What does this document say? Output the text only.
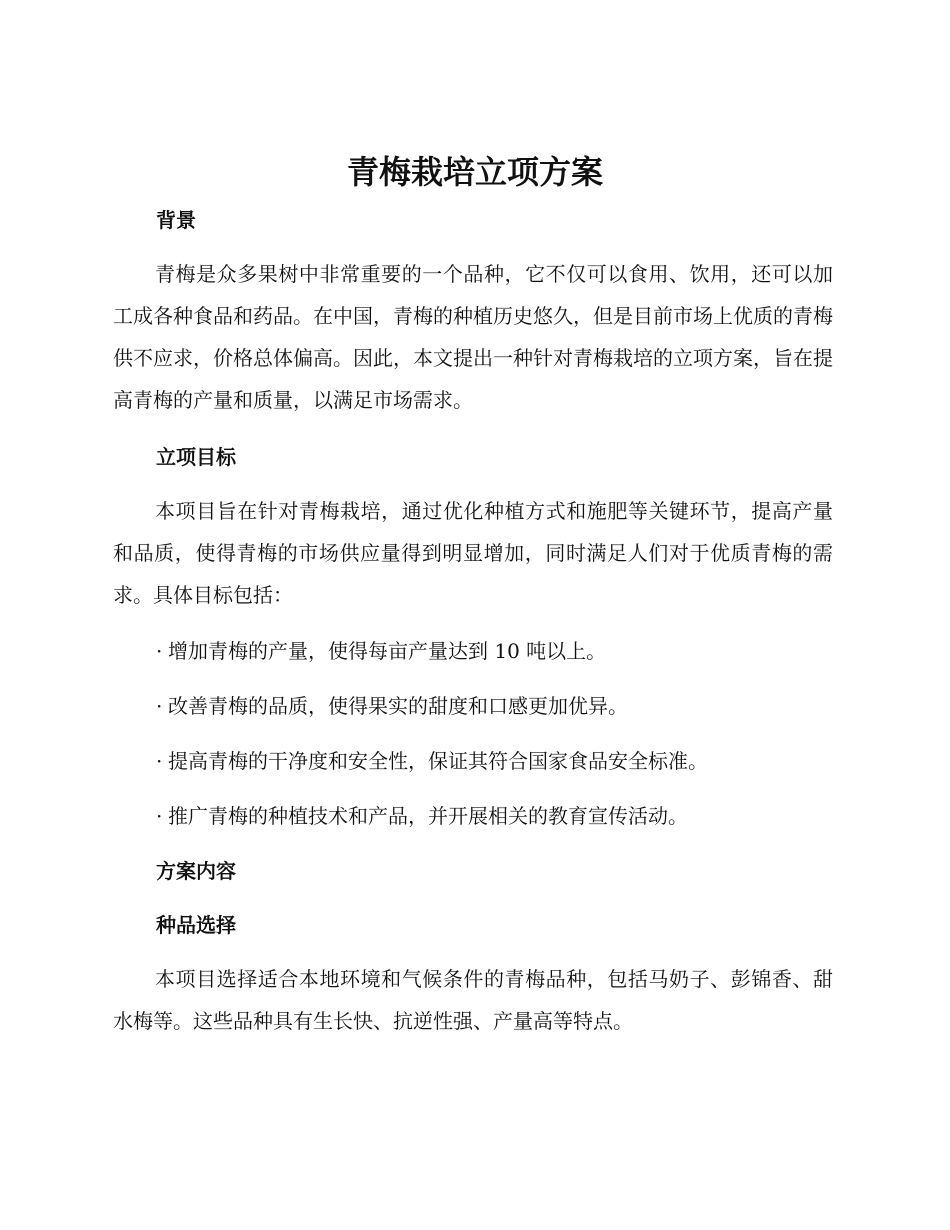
青梅栽培立项方案
背景

青梅是众多果树中非常重要的一个品种，它不仅可以食用、饮用，还可以加工成各种食品和药品。在中国，青梅的种植历史悠久，但是目前市场上优质的青梅供不应求，价格总体偏高。因此，本文提出一种针对青梅栽培的立项方案，旨在提高青梅的产量和质量，以满足市场需求。

立项目标

本项目旨在针对青梅栽培，通过优化种植方式和施肥等关键环节，提高产量和品质，使得青梅的市场供应量得到明显增加，同时满足人们对于优质青梅的需求。具体目标包括：

· 增加青梅的产量，使得每亩产量达到 10 吨以上。
· 改善青梅的品质，使得果实的甜度和口感更加优异。
· 提高青梅的干净度和安全性，保证其符合国家食品安全标准。
· 推广青梅的种植技术和产品，并开展相关的教育宣传活动。
方案内容
种品选择

本项目选择适合本地环境和气候条件的青梅品种，包括马奶子、彭锦香、甜水梅等。这些品种具有生长快、抗逆性强、产量高等特点。
